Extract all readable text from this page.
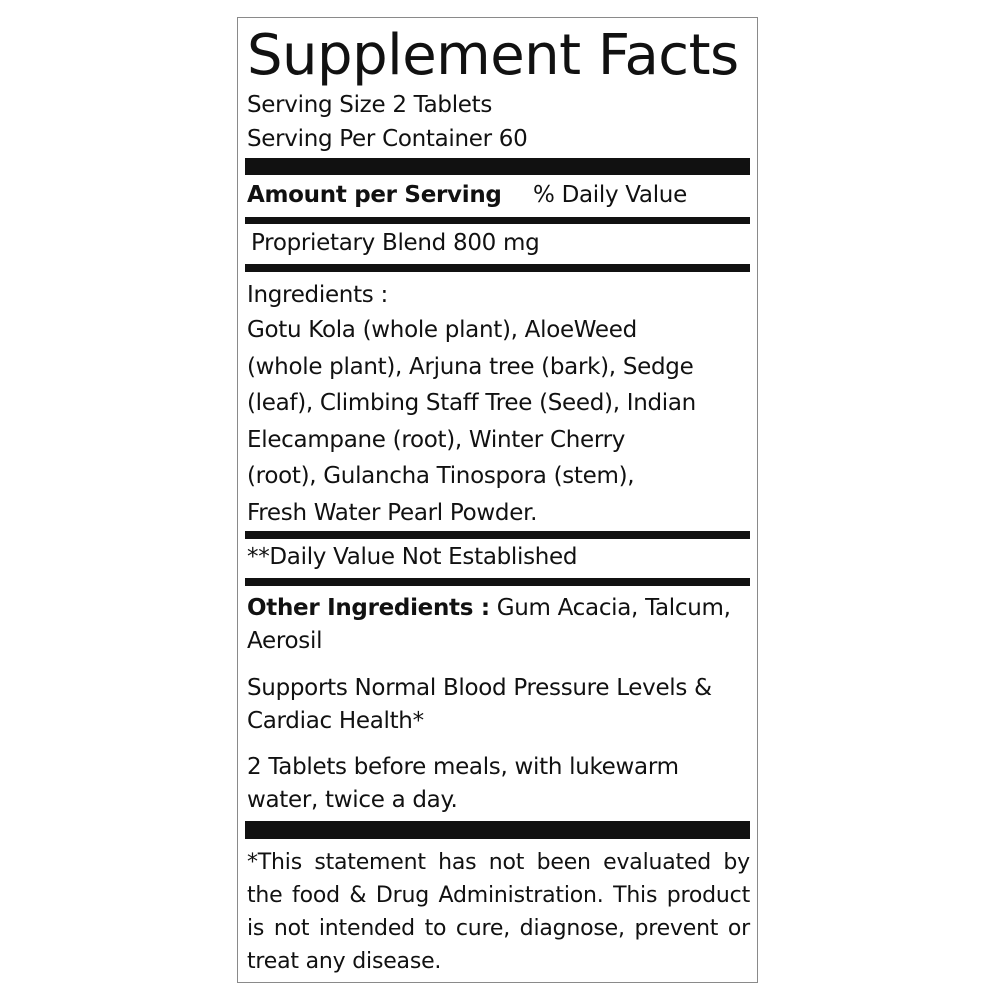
Supplement Facts
Serving Size 2 Tablets
Serving Per Container 60
Amount per Serving % Daily Value
Proprietary Blend 800 mg
Ingredients :
Gotu Kola (whole plant), AloeWeed
(whole plant), Arjuna tree (bark), Sedge
(leaf), Climbing Staff Tree (Seed), Indian
Elecampane (root), Winter Cherry
(root), Gulancha Tinospora (stem),
Fresh Water Pearl Powder.
**Daily Value Not Established
Other Ingredients : Gum Acacia, Talcum,
Aerosil
Supports Normal Blood Pressure Levels &
Cardiac Health*
2 Tablets before meals, with lukewarm
water, twice a day.
*This statement has not been evaluated by
the food & Drug Administration. This product
is not intended to cure, diagnose, prevent or
treat any disease.
